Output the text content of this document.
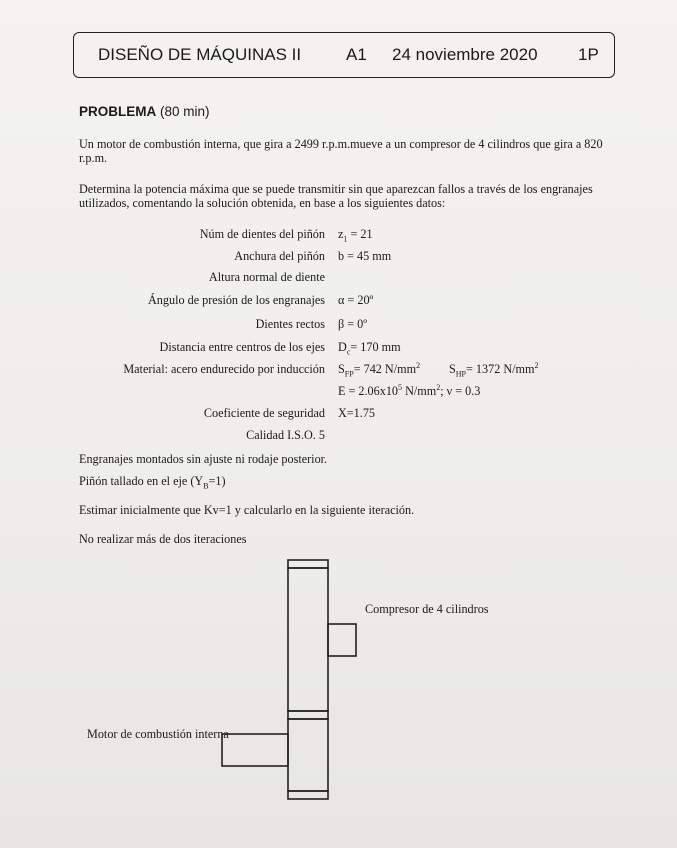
DISEÑO DE MÁQUINAS II	A1 24 noviembre 2020 1P
PROBLEMA (80 min)
Un motor de combustión interna, que gira a 2499 r.p.m.mueve a un compresor de 4 cilindros que gira a 820 r.p.m.
Determina la potencia máxima que se puede transmitir sin que aparezcan fallos a través de los engranajes utilizados, comentando la solución obtenida, en base a los siguientes datos:
Núm de dientes del piñón $z_1 = 21$
Anchura del piñón b = 45 mm
Altura normal de diente
Ángulo de presión de los engranajes α = 20º
Dientes rectos β = 0º
Distancia entre centros de los ejes $D_c= 170$ mm
Material: acero endurecido por inducción $S_{FP}= 742$ $N/mm^2$ $S_{HP}= 1372$ $N/mm^2$
$E = 2.06x10^5$ $N/mm^2$; ν = 0.3
Coeficiente de seguridad X=1.75
Calidad I.S.O. 5
Engranajes montados sin ajuste ni rodaje posterior.
Piñón tallado en el eje $(Y_B=1)$
Estimar inicialmente que Kv=1 y calcularlo en la siguiente iteración.
No realizar más de dos iteraciones
Compresor de 4 cilindros
Motor de combustión interna
